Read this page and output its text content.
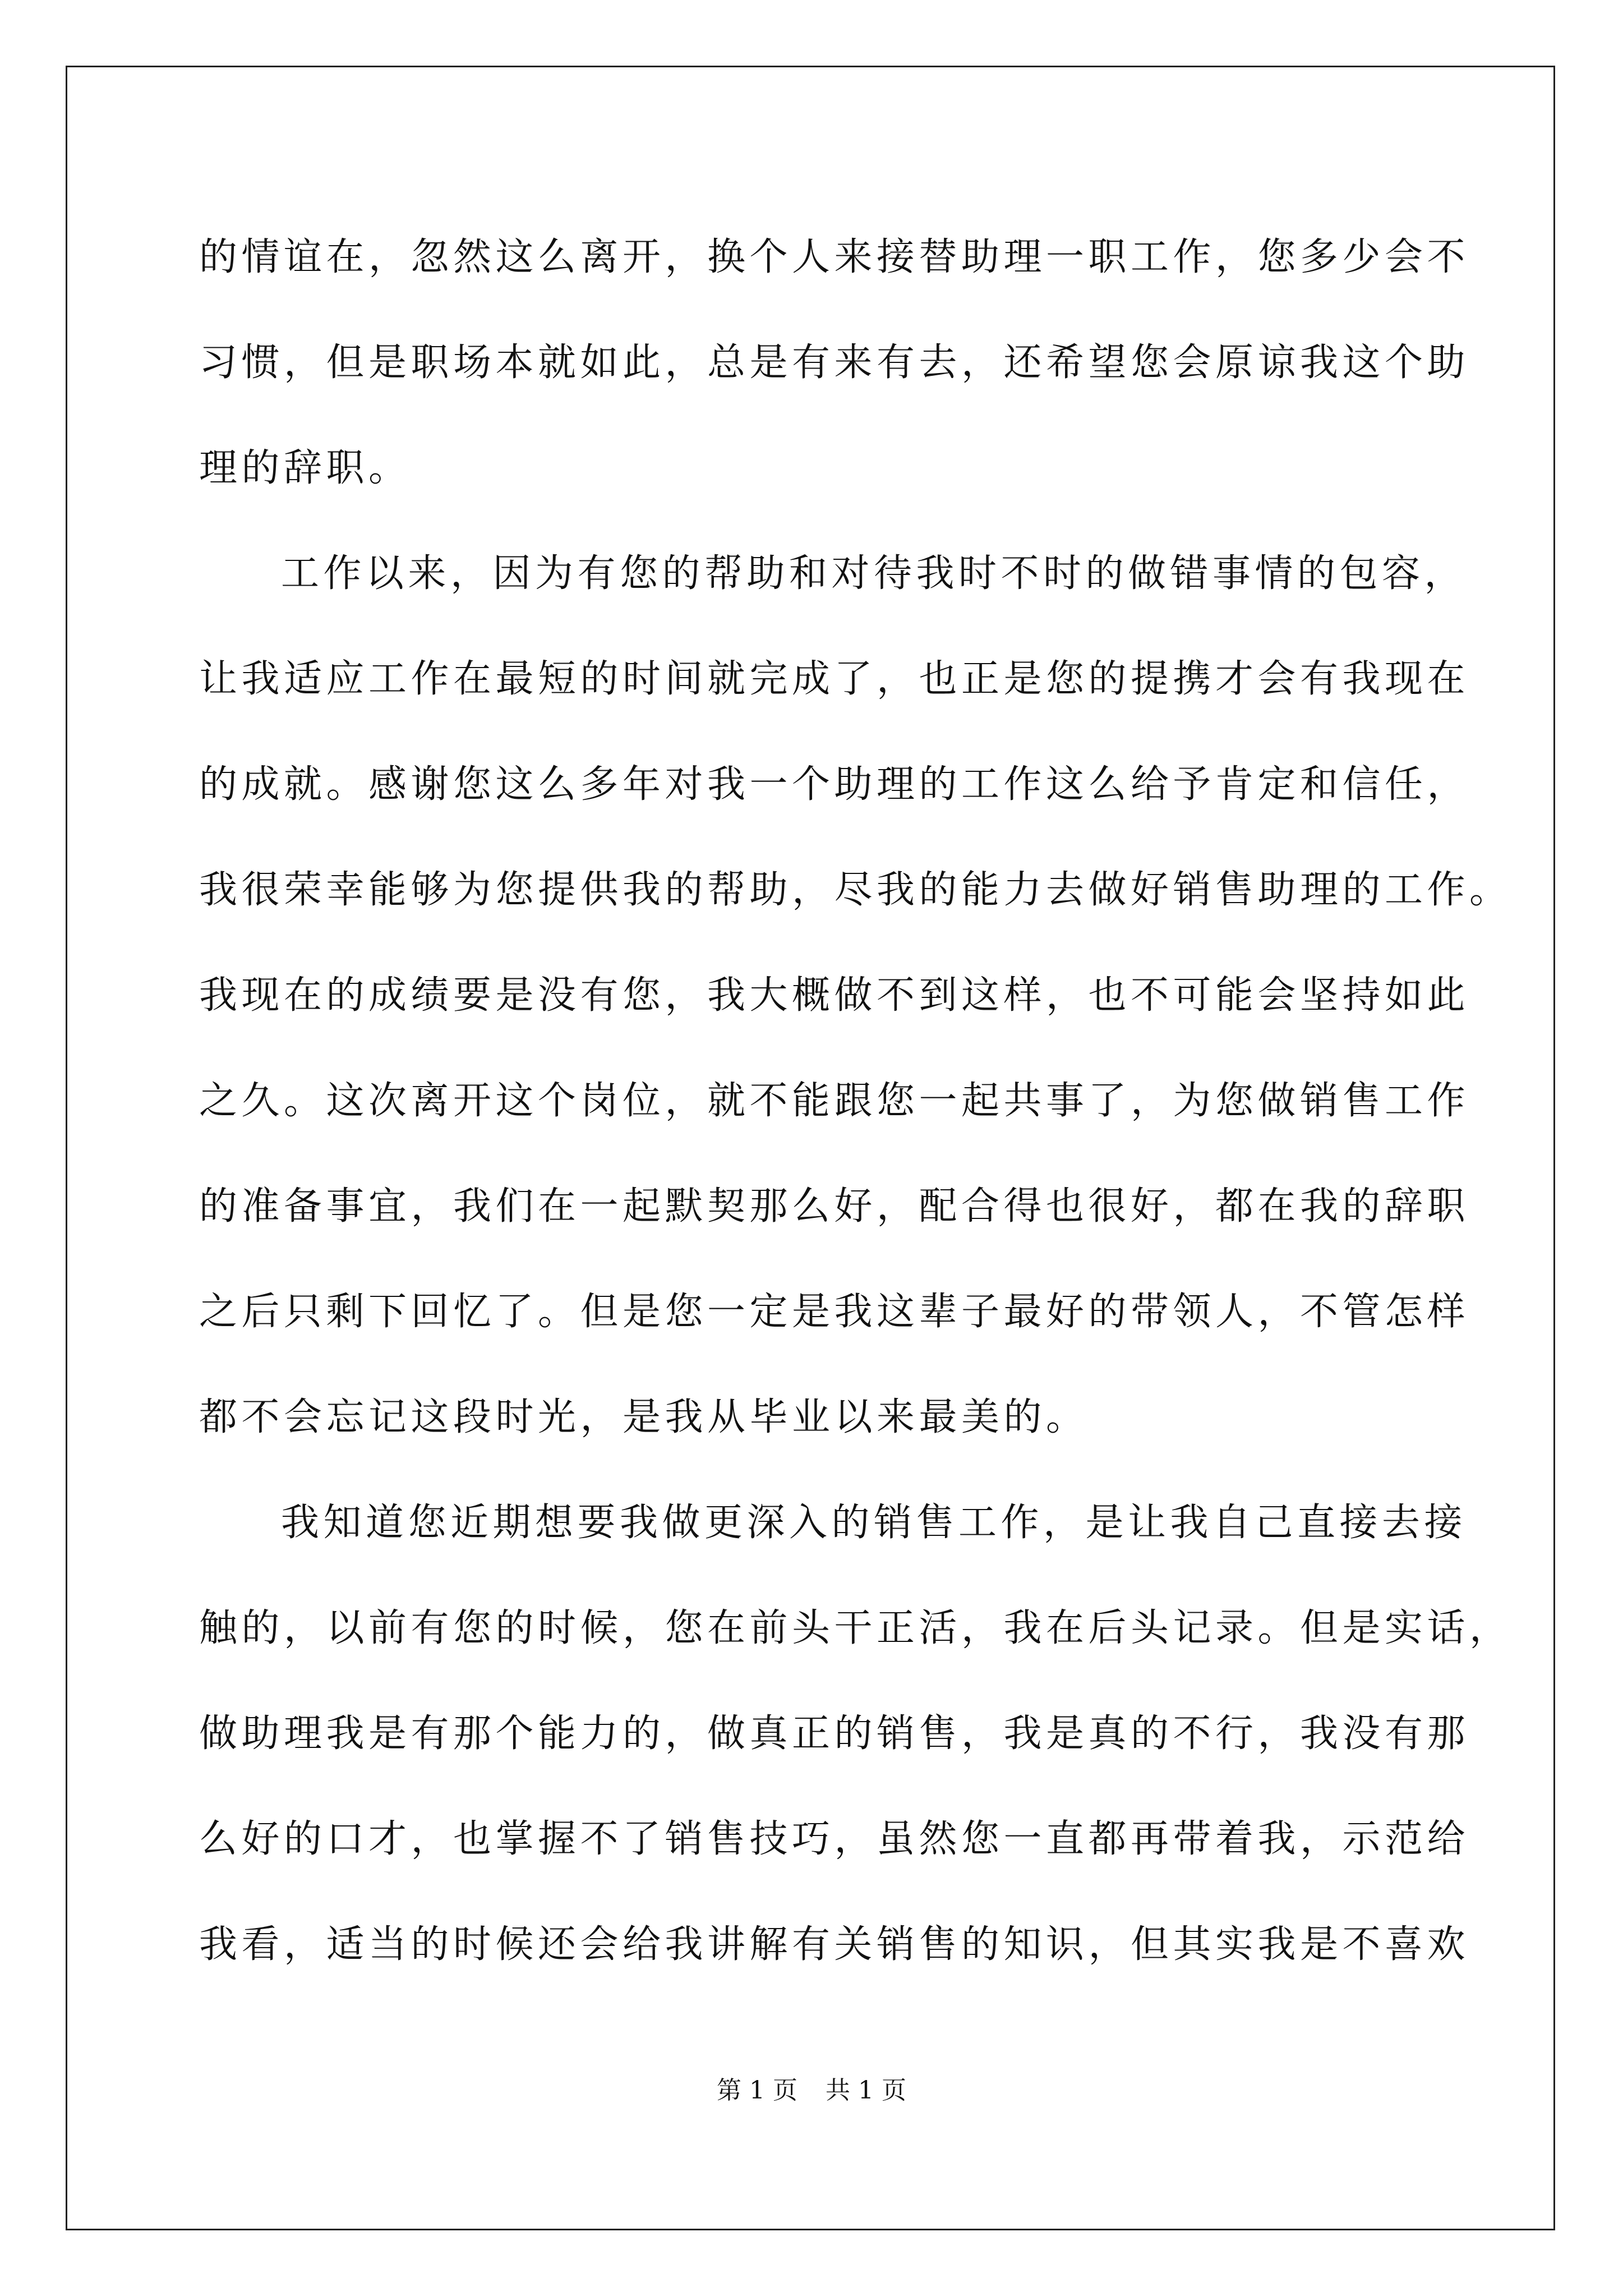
的情谊在，忽然这么离开，换个人来接替助理一职工作，您多少会不
习惯，但是职场本就如此，总是有来有去，还希望您会原谅我这个助
理的辞职。
工作以来，因为有您的帮助和对待我时不时的做错事情的包容，
让我适应工作在最短的时间就完成了，也正是您的提携才会有我现在
的成就。感谢您这么多年对我一个助理的工作这么给予肯定和信任，
我很荣幸能够为您提供我的帮助，尽我的能力去做好销售助理的工作。
我现在的成绩要是没有您，我大概做不到这样，也不可能会坚持如此
之久。这次离开这个岗位，就不能跟您一起共事了，为您做销售工作
的准备事宜，我们在一起默契那么好，配合得也很好，都在我的辞职
之后只剩下回忆了。但是您一定是我这辈子最好的带领人，不管怎样
都不会忘记这段时光，是我从毕业以来最美的。
我知道您近期想要我做更深入的销售工作，是让我自己直接去接
触的，以前有您的时候，您在前头干正活，我在后头记录。但是实话，
做助理我是有那个能力的，做真正的销售，我是真的不行，我没有那
么好的口才，也掌握不了销售技巧，虽然您一直都再带着我，示范给
我看，适当的时候还会给我讲解有关销售的知识，但其实我是不喜欢
第 1 页 共 1 页
